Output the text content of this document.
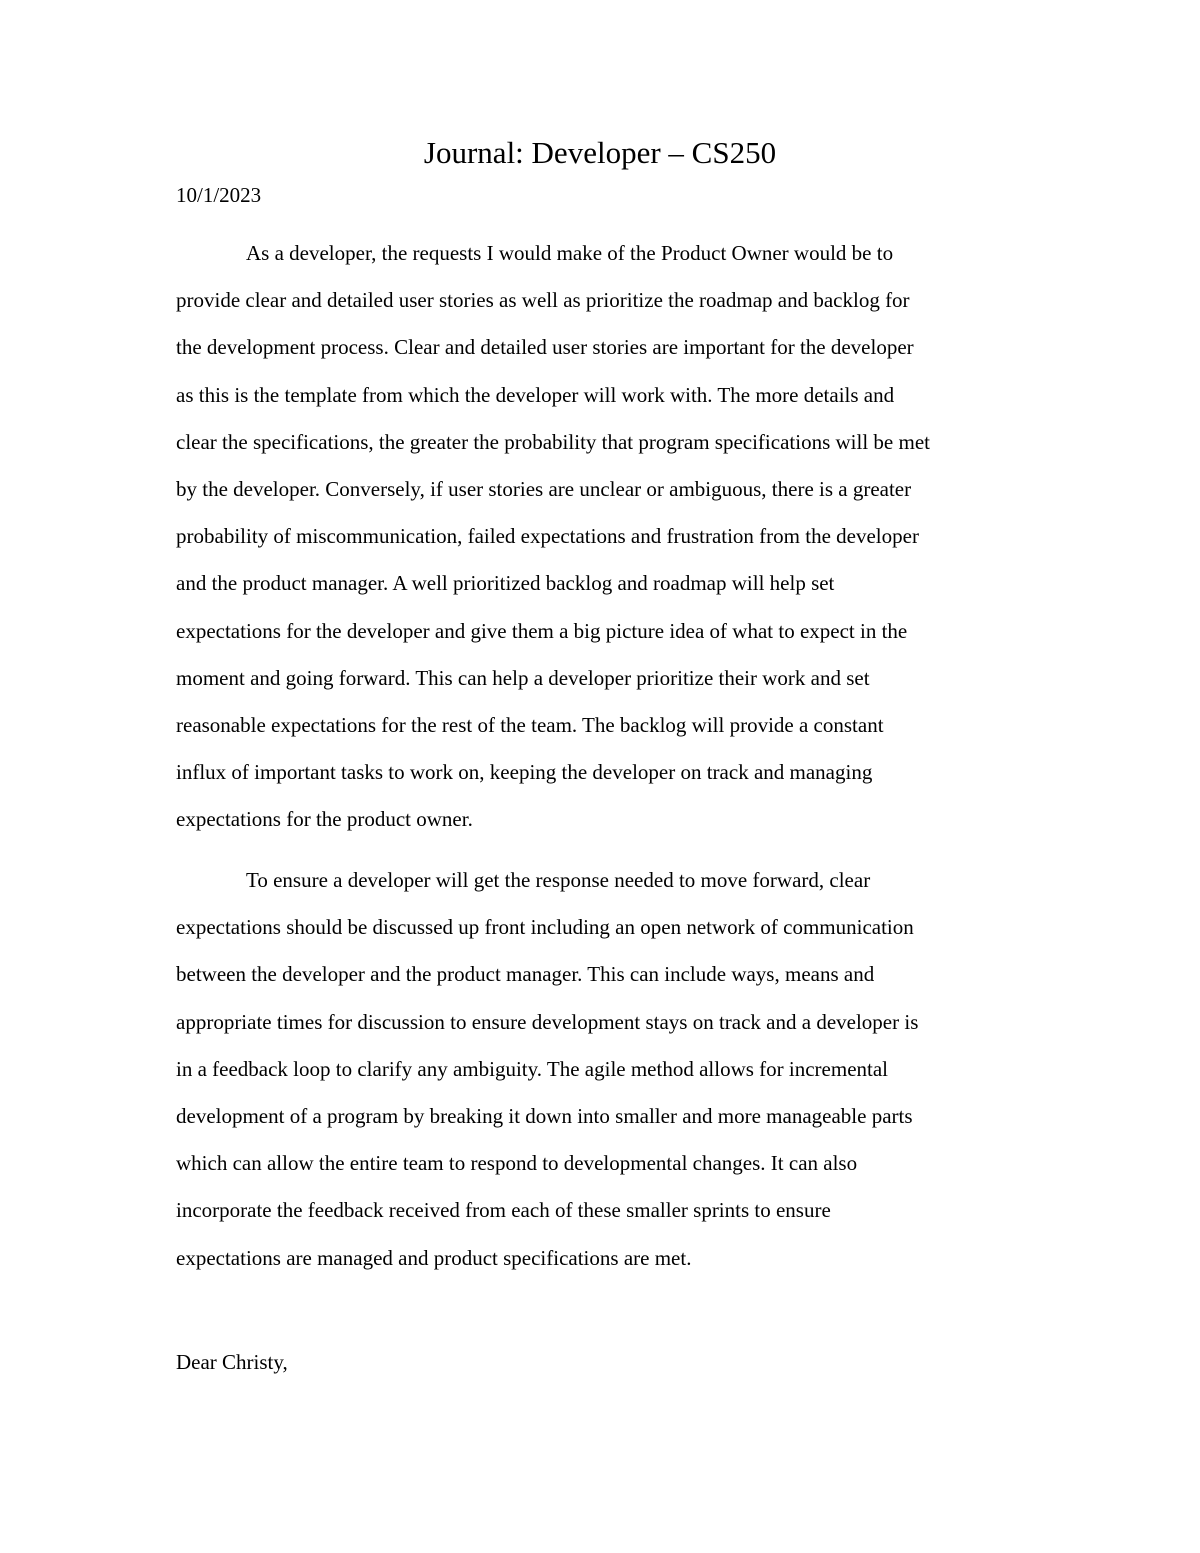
Journal: Developer – CS250
10/1/2023
As a developer, the requests I would make of the Product Owner would be to
provide clear and detailed user stories as well as prioritize the roadmap and backlog for
the development process. Clear and detailed user stories are important for the developer
as this is the template from which the developer will work with. The more details and
clear the specifications, the greater the probability that program specifications will be met
by the developer. Conversely, if user stories are unclear or ambiguous, there is a greater
probability of miscommunication, failed expectations and frustration from the developer
and the product manager. A well prioritized backlog and roadmap will help set
expectations for the developer and give them a big picture idea of what to expect in the
moment and going forward. This can help a developer prioritize their work and set
reasonable expectations for the rest of the team. The backlog will provide a constant
influx of important tasks to work on, keeping the developer on track and managing
expectations for the product owner.
To ensure a developer will get the response needed to move forward, clear
expectations should be discussed up front including an open network of communication
between the developer and the product manager. This can include ways, means and
appropriate times for discussion to ensure development stays on track and a developer is
in a feedback loop to clarify any ambiguity. The agile method allows for incremental
development of a program by breaking it down into smaller and more manageable parts
which can allow the entire team to respond to developmental changes. It can also
incorporate the feedback received from each of these smaller sprints to ensure
expectations are managed and product specifications are met.
Dear Christy,
